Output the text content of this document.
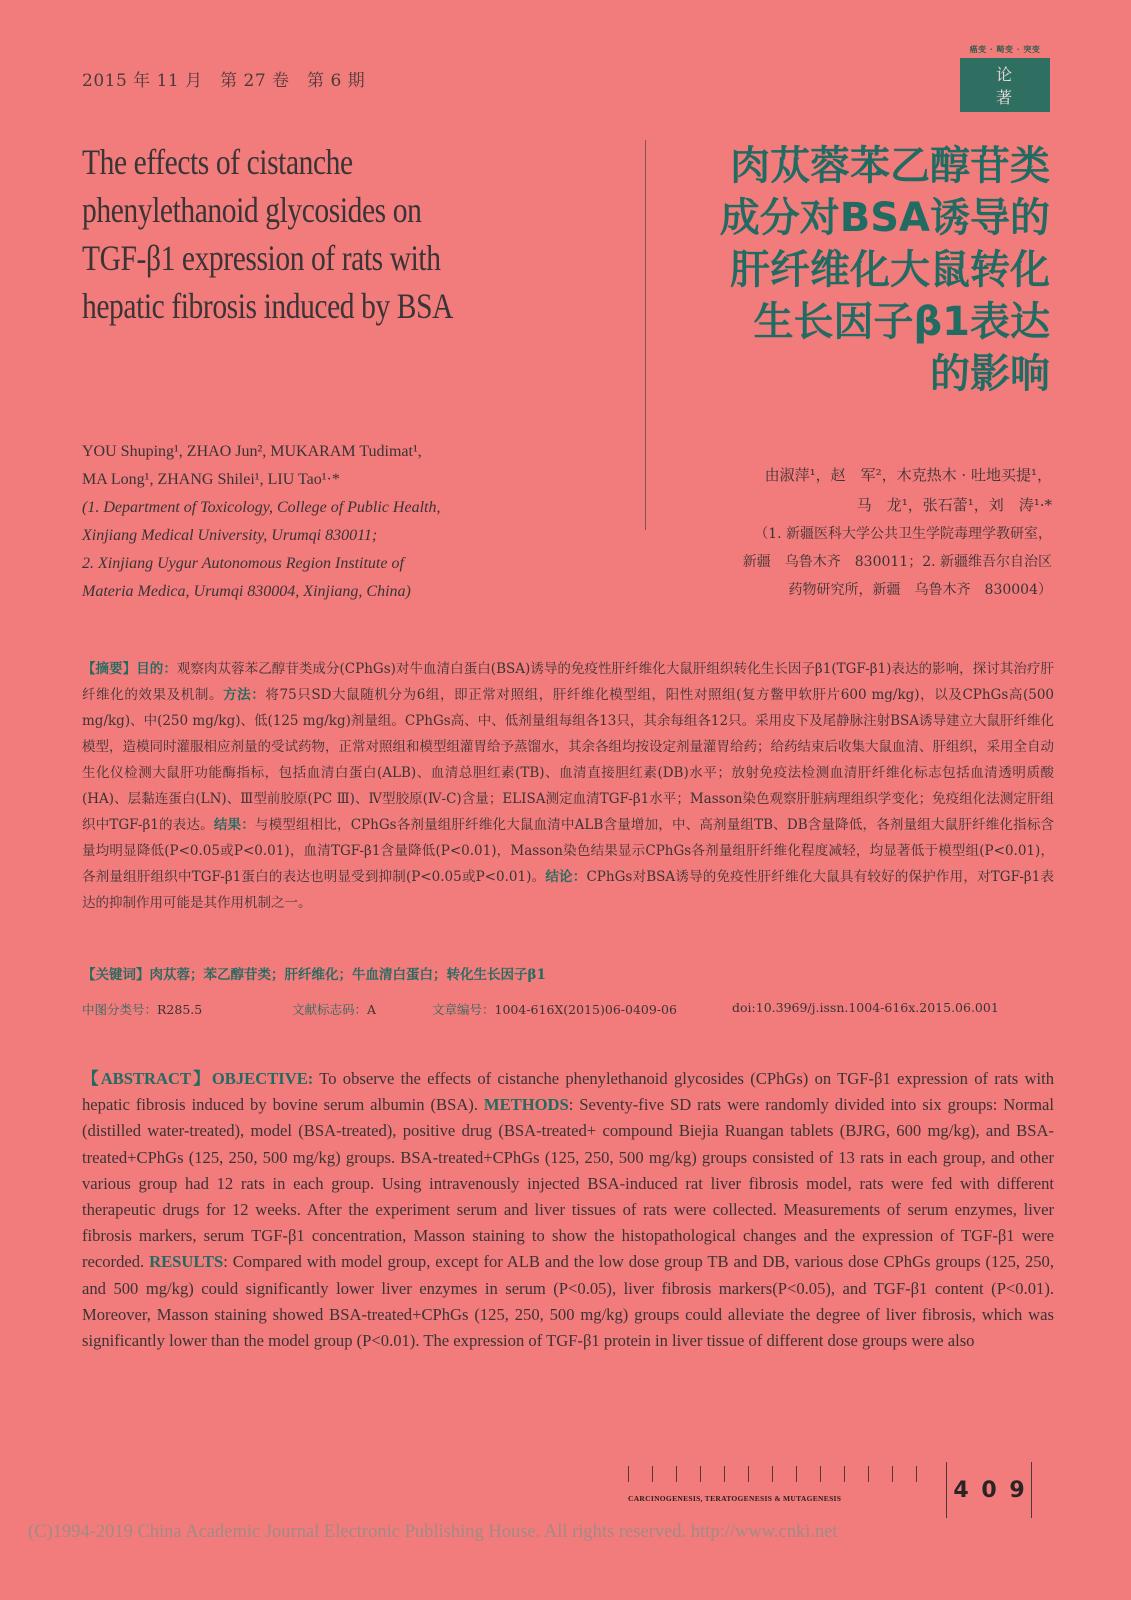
2015 年 11 月　第 27 卷　第 6 期
癌变 · 畸变 · 突变
论 著
The effects of cistanche
phenylethanoid glycosides on
TGF-β1 expression of rats with
hepatic fibrosis induced by BSA
肉苁蓉苯乙醇苷类
成分对BSA诱导的
肝纤维化大鼠转化
生长因子β1表达
的影响
YOU Shuping¹, ZHAO Jun², MUKARAM Tudimat¹,
MA Long¹, ZHANG Shilei¹, LIU Tao¹·*
(1. Department of Toxicology, College of Public Health,
Xinjiang Medical University, Urumqi 830011;
2. Xinjiang Uygur Autonomous Region Institute of
Materia Medica, Urumqi 830004, Xinjiang, China)
由淑萍¹，赵　军²，木克热木 · 吐地买提¹，
马　龙¹，张石蕾¹，刘　涛¹·*
（1. 新疆医科大学公共卫生学院毒理学教研室，
新疆　乌鲁木齐　830011；2. 新疆维吾尔自治区
药物研究所，新疆　乌鲁木齐　830004）
【摘要】目的：观察肉苁蓉苯乙醇苷类成分(CPhGs)对牛血清白蛋白(BSA)诱导的免疫性肝纤维化大鼠肝组织转化生长因子β1(TGF-β1)表达的影响，探讨其治疗肝纤维化的效果及机制。方法：将75只SD大鼠随机分为6组，即正常对照组，肝纤维化模型组，阳性对照组(复方鳖甲软肝片600 mg/kg)，以及CPhGs高(500 mg/kg)、中(250 mg/kg)、低(125 mg/kg)剂量组。CPhGs高、中、低剂量组每组各13只，其余每组各12只。采用皮下及尾静脉注射BSA诱导建立大鼠肝纤维化模型，造模同时灌服相应剂量的受试药物，正常对照组和模型组灌胃给予蒸馏水，其余各组均按设定剂量灌胃给药；给药结束后收集大鼠血清、肝组织，采用全自动生化仪检测大鼠肝功能酶指标，包括血清白蛋白(ALB)、血清总胆红素(TB)、血清直接胆红素(DB)水平；放射免疫法检测血清肝纤维化标志包括血清透明质酸(HA)、层黏连蛋白(LN)、Ⅲ型前胶原(PC Ⅲ)、Ⅳ型胶原(Ⅳ-C)含量；ELISA测定血清TGF-β1水平；Masson染色观察肝脏病理组织学变化；免疫组化法测定肝组织中TGF-β1的表达。结果：与模型组相比，CPhGs各剂量组肝纤维化大鼠血清中ALB含量增加，中、高剂量组TB、DB含量降低，各剂量组大鼠肝纤维化指标含量均明显降低(P<0.05或P<0.01)，血清TGF-β1含量降低(P<0.01)，Masson染色结果显示CPhGs各剂量组肝纤维化程度减轻，均显著低于模型组(P<0.01)，各剂量组肝组织中TGF-β1蛋白的表达也明显受到抑制(P<0.05或P<0.01)。结论：CPhGs对BSA诱导的免疫性肝纤维化大鼠具有较好的保护作用，对TGF-β1表达的抑制作用可能是其作用机制之一。
【关键词】肉苁蓉；苯乙醇苷类；肝纤维化；牛血清白蛋白；转化生长因子β1
中图分类号：R285.5	文献标志码：A	文章编号：1004-616X(2015)06-0409-06	doi:10.3969/j.issn.1004-616x.2015.06.001
【ABSTRACT】OBJECTIVE: To observe the effects of cistanche phenylethanoid glycosides (CPhGs) on TGF-β1 expression of rats with hepatic fibrosis induced by bovine serum albumin (BSA). METHODS: Seventy-five SD rats were randomly divided into six groups: Normal (distilled water-treated), model (BSA-treated), positive drug (BSA-treated+ compound Biejia Ruangan tablets (BJRG, 600 mg/kg), and BSA-treated+CPhGs (125, 250, 500 mg/kg) groups. BSA-treated+CPhGs (125, 250, 500 mg/kg) groups consisted of 13 rats in each group, and other various group had 12 rats in each group. Using intravenously injected BSA-induced rat liver fibrosis model, rats were fed with different therapeutic drugs for 12 weeks. After the experiment serum and liver tissues of rats were collected. Measurements of serum enzymes, liver fibrosis markers, serum TGF-β1 concentration, Masson staining to show the histopathological changes and the expression of TGF-β1 were recorded. RESULTS: Compared with model group, except for ALB and the low dose group TB and DB, various dose CPhGs groups (125, 250, and 500 mg/kg) could significantly lower liver enzymes in serum (P<0.05), liver fibrosis markers(P<0.05), and TGF-β1 content (P<0.01). Moreover, Masson staining showed BSA-treated+CPhGs (125, 250, 500 mg/kg) groups could alleviate the degree of liver fibrosis, which was significantly lower than the model group (P<0.01). The expression of TGF-β1 protein in liver tissue of different dose groups were also
CARCINOGENESIS, TERATOGENESIS & MUTAGENESIS	4 0 9
(C)1994-2019 China Academic Journal Electronic Publishing House. All rights reserved. http://www.cnki.net
